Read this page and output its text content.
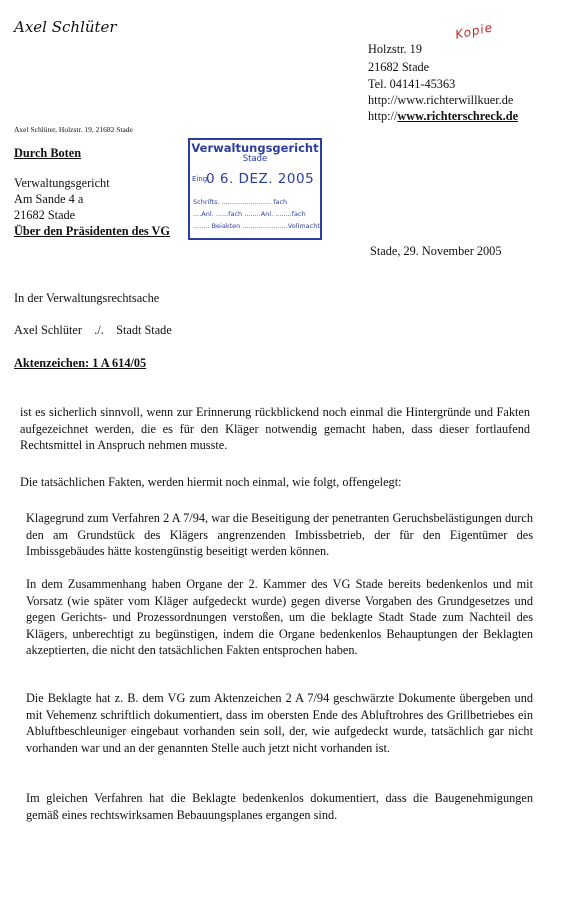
Axel Schlüter	Kopie
Holzstr. 19
21682 Stade
Tel. 04141-45363
http://www.richterwillkuer.de
http://www.richterschreck.de
Axel Schlüter, Holzstr. 19, 21682 Stade
Durch Boten
Verwaltungsgericht
Am Sande 4 a
21682 Stade
Über den Präsidenten des VG
Verwaltungsgericht
Stade
Eing.
0 6. DEZ. 2005
Schrifts. ........................ fach
....Anl. ......fach ........Anl. ........fach
........ Beiakten ......................Vollmacht
Stade, 29. November 2005
In der Verwaltungsrechtsache
Axel Schlüter    ./.    Stadt Stade
Aktenzeichen: 1 A 614/05
ist es sicherlich sinnvoll, wenn zur Erinnerung rückblickend noch einmal die Hintergründe und Fakten aufgezeichnet werden, die es für den Kläger notwendig gemacht haben, dass dieser fortlaufend Rechtsmittel in Anspruch nehmen musste.
Die tatsächlichen Fakten, werden hiermit noch einmal, wie folgt, offengelegt:
Klagegrund zum Verfahren 2 A 7/94, war die Beseitigung der penetranten Geruchsbelästigungen durch den am Grundstück des Klägers angrenzenden Imbissbetrieb, der für den Eigentümer des Imbissgebäudes hätte kostengünstig beseitigt werden können.
In dem Zusammenhang haben Organe der 2. Kammer des VG Stade bereits bedenkenlos und mit Vorsatz (wie später vom Kläger aufgedeckt wurde) gegen diverse Vorgaben des Grundgesetzes und gegen Gerichts- und Prozessordnungen verstoßen, um die beklagte Stadt Stade zum Nachteil des Klägers, unberechtigt zu begünstigen, indem die Organe bedenkenlos Behauptungen der Beklagten akzeptierten, die nicht den tatsächlichen Fakten entsprochen haben.
Die Beklagte hat z. B. dem VG zum Aktenzeichen 2 A 7/94 geschwärzte Dokumente übergeben und mit Vehemenz schriftlich dokumentiert, dass im obersten Ende des Abluftrohres des Grillbetriebes ein Abluftbeschleuniger eingebaut vorhanden sein soll, der, wie aufgedeckt wurde, tatsächlich gar nicht vorhanden war und an der genannten Stelle auch jetzt nicht vorhanden ist.
Im gleichen Verfahren hat die Beklagte bedenkenlos dokumentiert, dass die Baugenehmigungen gemäß eines rechtswirksamen Bebauungsplanes ergangen sind.
